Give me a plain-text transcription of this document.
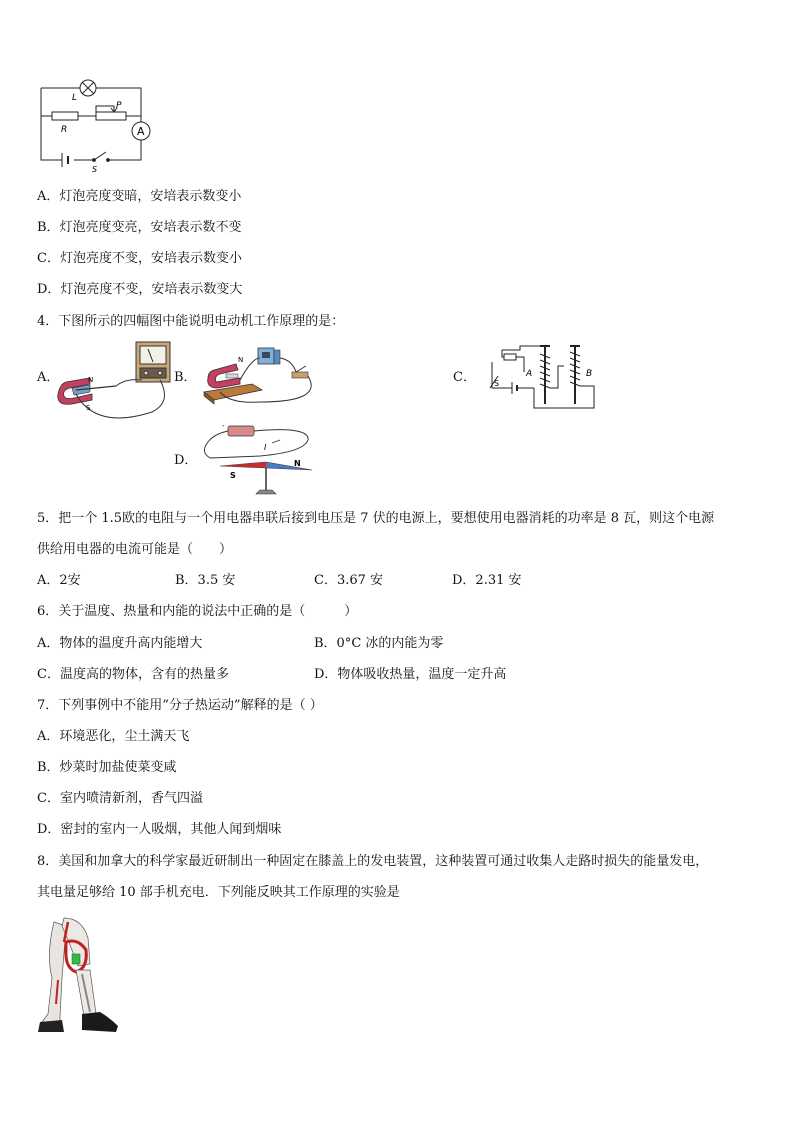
L
P
R	A
S
A．灯泡亮度变暗，安培表示数变小
B．灯泡亮度变亮，安培表示数不变
C．灯泡亮度不变，安培表示数变小
D．灯泡亮度不变，安培表示数变大
4．下图所示的四幅图中能说明电动机工作原理的是：
A．	N
S
B．
N
C．	A	B
S
D．
-
S
N
I
5．把一个 1.5欧的电阻与一个用电器串联后接到电压是 7 伏的电源上，要想使用电器消耗的功率是 8 瓦，则这个电源
供给用电器的电流可能是（　　）
A．2安	B．3.5 安	C．3.67 安	D．2.31 安
6．关于温度、热量和内能的说法中正确的是（　　　）
A．物体的温度升高内能增大	B．0°C 冰的内能为零
C．温度高的物体，含有的热量多	D．物体吸收热量，温度一定升高
7．下列事例中不能用“分子热运动”解释的是（ ）
A．环境恶化，尘土满天飞
B．炒菜时加盐使菜变咸
C．室内喷清新剂，香气四溢
D．密封的室内一人吸烟，其他人闻到烟味
8．美国和加拿大的科学家最近研制出一种固定在膝盖上的发电装置，这种装置可通过收集人走路时损失的能量发电，
其电量足够给 10 部手机充电．下列能反映其工作原理的实验是
